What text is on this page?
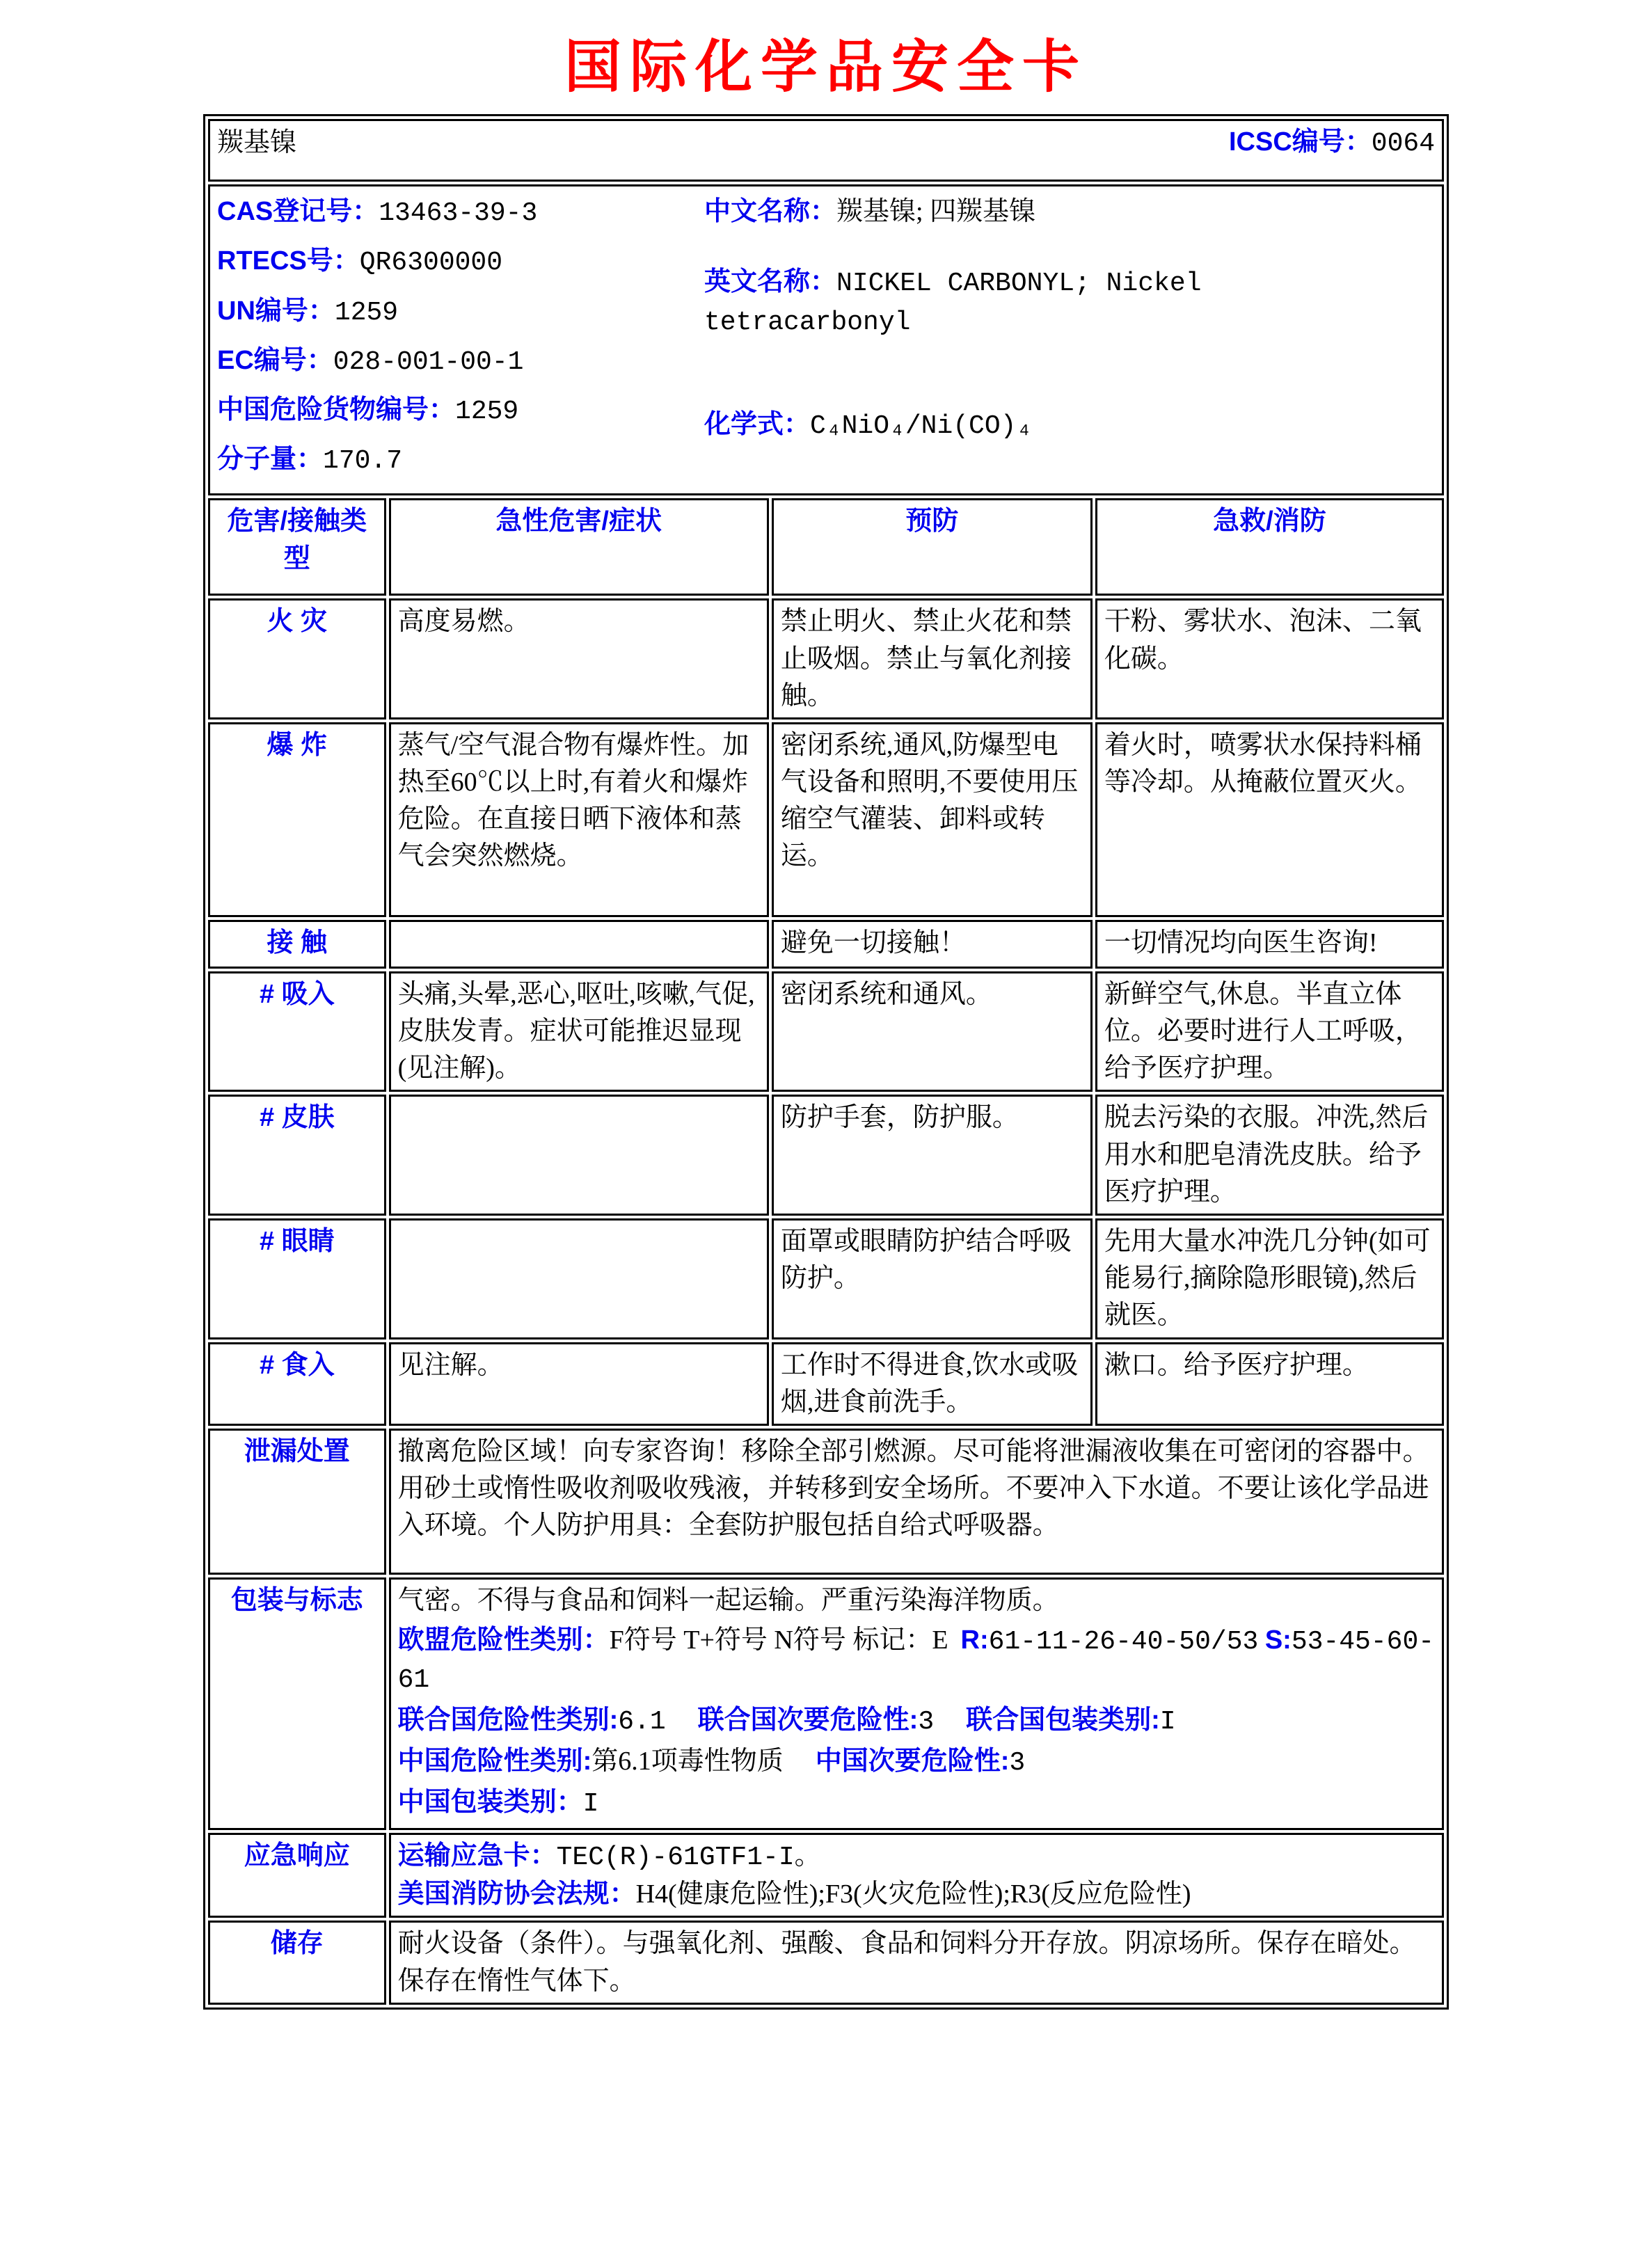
国际化学品安全卡
羰基镍 ICSC编号：0064			

CAS登记号：13463-39-3
RTECS号：QR6300000
UN编号：1259
EC编号：028-001-00-1
中国危险货物编号：1259
分子量：170.7
中文名称：羰基镍; 四羰基镍
英文名称：NICKEL CARBONYL; Nickel tetracarbonyl
化学式：C₄NiO₄/Ni(CO)₄

危害/接触类型	急性危害/症状	预防	急救/消防
火 灾	高度易燃。	禁止明火、禁止火花和禁止吸烟。禁止与氧化剂接触。	干粉、雾状水、泡沫、二氧化碳。
爆 炸	蒸气/空气混合物有爆炸性。加热至60℃以上时,有着火和爆炸危险。在直接日晒下液体和蒸气会突然燃烧。	密闭系统,通风,防爆型电气设备和照明,不要使用压缩空气灌装、卸料或转运。	着火时，喷雾状水保持料桶等冷却。从掩蔽位置灭火。
接 触		避免一切接触！	一切情况均向医生咨询!
# 吸入	头痛,头晕,恶心,呕吐,咳嗽,气促,皮肤发青。症状可能推迟显现(见注解)。	密闭系统和通风。	新鲜空气,休息。半直立体位。必要时进行人工呼吸，给予医疗护理。
# 皮肤		防护手套，防护服。	脱去污染的衣服。冲洗,然后用水和肥皂清洗皮肤。给予医疗护理。
# 眼睛		面罩或眼睛防护结合呼吸防护。	先用大量水冲洗几分钟(如可能易行,摘除隐形眼镜),然后就医。
# 食入	见注解。	工作时不得进食,饮水或吸烟,进食前洗手。	漱口。给予医疗护理。
泄漏处置	撤离危险区域！向专家咨询！移除全部引燃源。尽可能将泄漏液收集在可密闭的容器中。用砂土或惰性吸收剂吸收残液，并转移到安全场所。不要冲入下水道。不要让该化学品进入环境。个人防护用具：全套防护服包括自给式呼吸器。		
包装与标志	气密。不得与食品和饲料一起运输。严重污染海洋物质。
欧盟危险性类别：F符号 T+符号 N符号 标记：E R:61-11-26-40-50/53 S:53-45-60-61
联合国危险性类别:6.1 联合国次要危险性:3 联合国包装类别:I
中国危险性类别:第6.1项毒性物质 中国次要危险性:3
中国包装类别：I		

应急响应	运输应急卡：TEC(R)-61GTF1-I。
美国消防协会法规：H4(健康危险性);F3(火灾危险性);R3(反应危险性)		

储存	耐火设备（条件）。与强氧化剂、强酸、食品和饲料分开存放。阴凉场所。保存在暗处。保存在惰性气体下。		
